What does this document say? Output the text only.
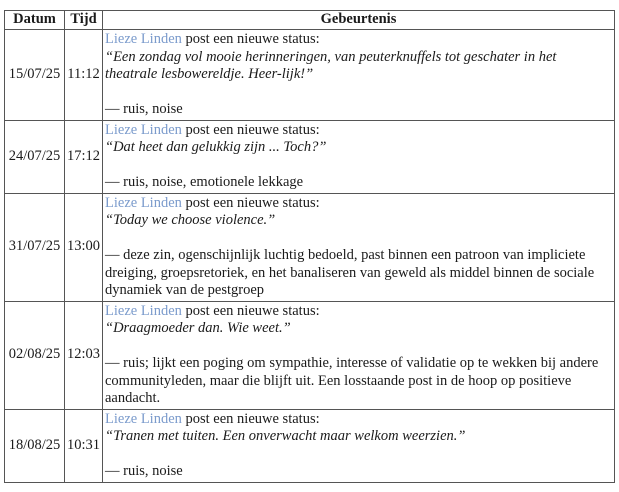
Datum	Tijd	Gebeurtenis
15/07/25	11:12	Lieze Linden post een nieuwe status:
“Een zondag vol mooie herinneringen, van peuterknuffels tot geschater in het theatrale lesbowereldje. Heer-lijk!”
— ruis, noise

24/07/25	17:12	Lieze Linden post een nieuwe status:
“Dat heet dan gelukkig zijn ... Toch?”
— ruis, noise, emotionele lekkage

31/07/25	13:00	Lieze Linden post een nieuwe status:
“Today we choose violence.”
— deze zin, ogenschijnlijk luchtig bedoeld, past binnen een patroon van impliciete dreiging, groepsretoriek, en het banaliseren van geweld als middel binnen de sociale dynamiek van de pestgroep

02/08/25	12:03	Lieze Linden post een nieuwe status:
“Draagmoeder dan. Wie weet.”
— ruis; lijkt een poging om sympathie, interesse of validatie op te wekken bij andere communityleden, maar die blijft uit. Een losstaande post in de hoop op positieve aandacht.

18/08/25	10:31	Lieze Linden post een nieuwe status:
“Tranen met tuiten. Een onverwacht maar welkom weerzien.”
— ruis, noise
